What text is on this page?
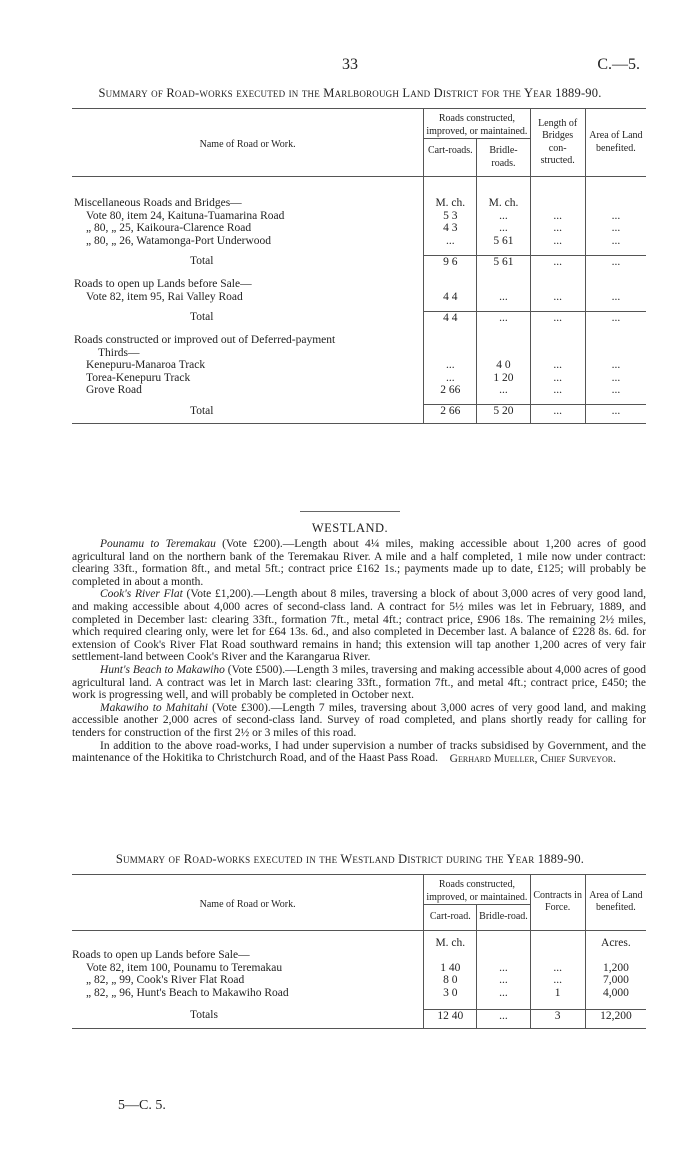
33	C.—5.
Summary of Road-works executed in the Marlborough Land District for the Year 1889-90.
Name of Road or Work.	Roads constructed, improved, or maintained.		Length of Bridges con-structed.	Area of Land benefited.
	Cart-roads.	Bridle-roads.		

Miscellaneous Roads and Bridges—	M. ch.	M. ch.		
Vote 80, item 24, Kaituna-Tuamarina Road	5 3	...	...	...
„ 80, „ 25, Kaikoura-Clarence Road	4 3	...	...	...
„ 80, „ 26, Watamonga-Port Underwood	...	5 61	...	...

Total	9 6	5 61	...	...

Roads to open up Lands before Sale—				
Vote 82, item 95, Rai Valley Road	4 4	...	...	...

Total	4 4	...	...	...

Roads constructed or improved out of Deferred-payment				
Thirds—				
Kenepuru-Manaroa Track	...	4 0	...	...
Torea-Kenepuru Track	...	1 20	...	...
Grove Road	2 66	...	...	...

Total	2 66	5 20	...	...
WESTLAND.

Pounamu to Teremakau (Vote £200).—Length about 4¼ miles, making accessible about 1,200 acres of good agricultural land on the northern bank of the Teremakau River. A mile and a half completed, 1 mile now under contract: clearing 33ft., formation 8ft., and metal 5ft.; contract price £162 1s.; payments made up to date, £125; will probably be completed in about a month.

Cook's River Flat (Vote £1,200).—Length about 8 miles, traversing a block of about 3,000 acres of very good land, and making accessible about 4,000 acres of second-class land. A contract for 5½ miles was let in February, 1889, and completed in December last: clearing 33ft., formation 7ft., metal 4ft.; contract price, £906 18s. The remaining 2½ miles, which required clearing only, were let for £64 13s. 6d., and also completed in December last. A balance of £228 8s. 6d. for extension of Cook's River Flat Road southward remains in hand; this extension will tap another 1,200 acres of very fair settlement-land between Cook's River and the Karangarua River.

Hunt's Beach to Makawiho (Vote £500).—Length 3 miles, traversing and making accessible about 4,000 acres of good agricultural land. A contract was let in March last: clearing 33ft., formation 7ft., and metal 4ft.; contract price, £450; the work is progressing well, and will probably be completed in October next.

Makawiho to Mahitahi (Vote £300).—Length 7 miles, traversing about 3,000 acres of very good land, and making accessible another 2,000 acres of second-class land. Survey of road completed, and plans shortly ready for calling for tenders for construction of the first 2½ or 3 miles of this road.

In addition to the above road-works, I had under supervision a number of tracks subsidised by Government, and the maintenance of the Hokitika to Christchurch Road, and of the Haast Pass Road.	Gerhard Mueller, Chief Surveyor.
Summary of Road-works executed in the Westland District during the Year 1889-90.
Name of Road or Work.	Roads constructed, improved, or maintained.		Contracts in Force.	Area of Land benefited.
	Cart-road.	Bridle-road.		

	M. ch.			Acres.
Roads to open up Lands before Sale—				
Vote 82, item 100, Pounamu to Teremakau	1 40	...	...	1,200
„ 82, „ 99, Cook's River Flat Road	8 0	...	...	7,000
„ 82, „ 96, Hunt's Beach to Makawiho Road	3 0	...	1	4,000

Totals	12 40	...	3	12,200
5—C. 5.
